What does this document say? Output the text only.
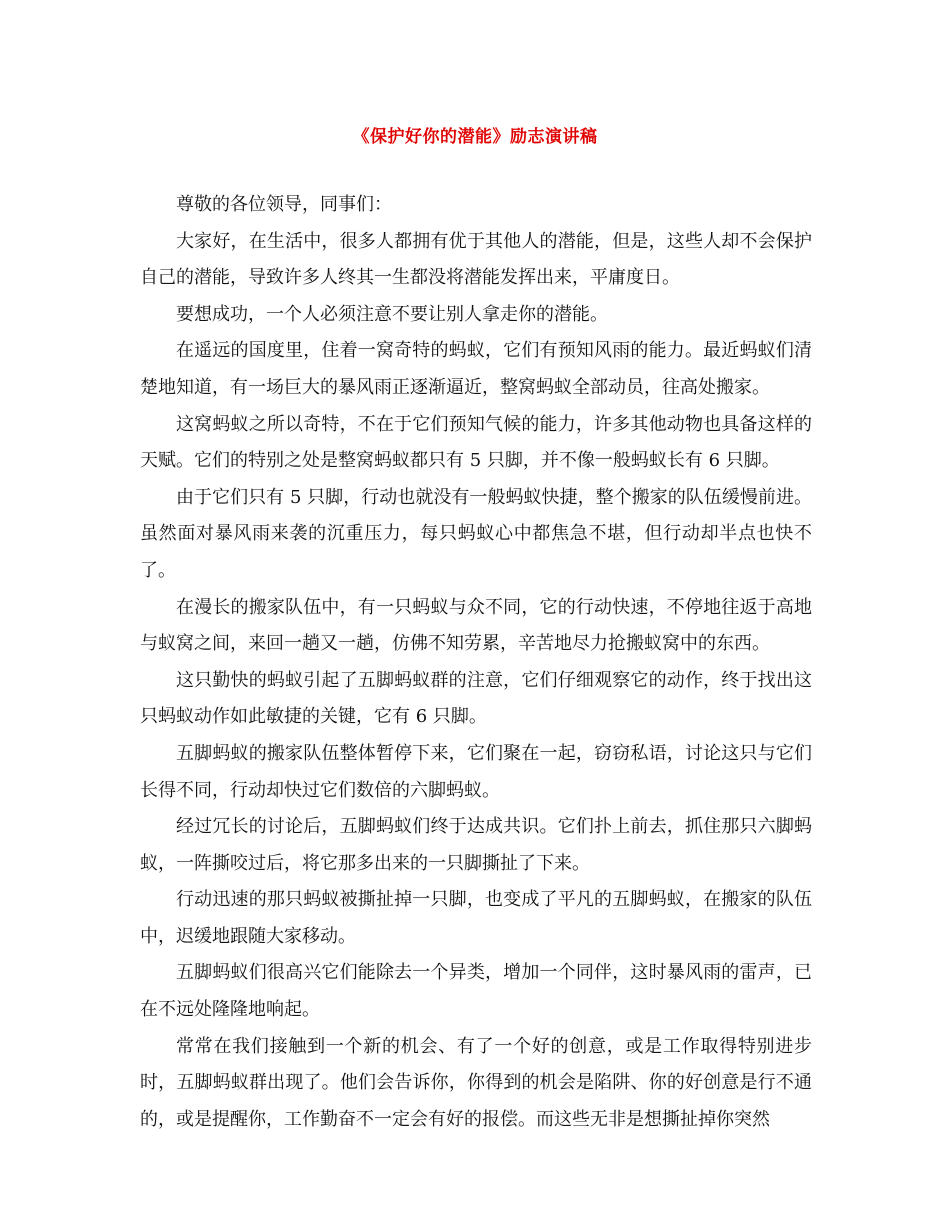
《保护好你的潜能》励志演讲稿

尊敬的各位领导，同事们：

大家好，在生活中，很多人都拥有优于其他人的潜能，但是，这些人却不会保护自己的潜能，导致许多人终其一生都没将潜能发挥出来，平庸度日。

要想成功，一个人必须注意不要让别人拿走你的潜能。

在遥远的国度里，住着一窝奇特的蚂蚁，它们有预知风雨的能力。最近蚂蚁们清楚地知道，有一场巨大的暴风雨正逐渐逼近，整窝蚂蚁全部动员，往高处搬家。

这窝蚂蚁之所以奇特，不在于它们预知气候的能力，许多其他动物也具备这样的天赋。它们的特别之处是整窝蚂蚁都只有 5 只脚，并不像一般蚂蚁长有 6 只脚。

由于它们只有 5 只脚，行动也就没有一般蚂蚁快捷，整个搬家的队伍缓慢前进。虽然面对暴风雨来袭的沉重压力，每只蚂蚁心中都焦急不堪，但行动却半点也快不了。

在漫长的搬家队伍中，有一只蚂蚁与众不同，它的行动快速，不停地往返于高地与蚁窝之间，来回一趟又一趟，仿佛不知劳累，辛苦地尽力抢搬蚁窝中的东西。

这只勤快的蚂蚁引起了五脚蚂蚁群的注意，它们仔细观察它的动作，终于找出这只蚂蚁动作如此敏捷的关键，它有 6 只脚。

五脚蚂蚁的搬家队伍整体暂停下来，它们聚在一起，窃窃私语，讨论这只与它们长得不同，行动却快过它们数倍的六脚蚂蚁。

经过冗长的讨论后，五脚蚂蚁们终于达成共识。它们扑上前去，抓住那只六脚蚂蚁，一阵撕咬过后，将它那多出来的一只脚撕扯了下来。

行动迅速的那只蚂蚁被撕扯掉一只脚，也变成了平凡的五脚蚂蚁，在搬家的队伍中，迟缓地跟随大家移动。

五脚蚂蚁们很高兴它们能除去一个异类，增加一个同伴，这时暴风雨的雷声，已在不远处隆隆地响起。

常常在我们接触到一个新的机会、有了一个好的创意，或是工作取得特别进步时，五脚蚂蚁群出现了。他们会告诉你，你得到的机会是陷阱、你的好创意是行不通的，或是提醒你，工作勤奋不一定会有好的报偿。而这些无非是想撕扯掉你突然
